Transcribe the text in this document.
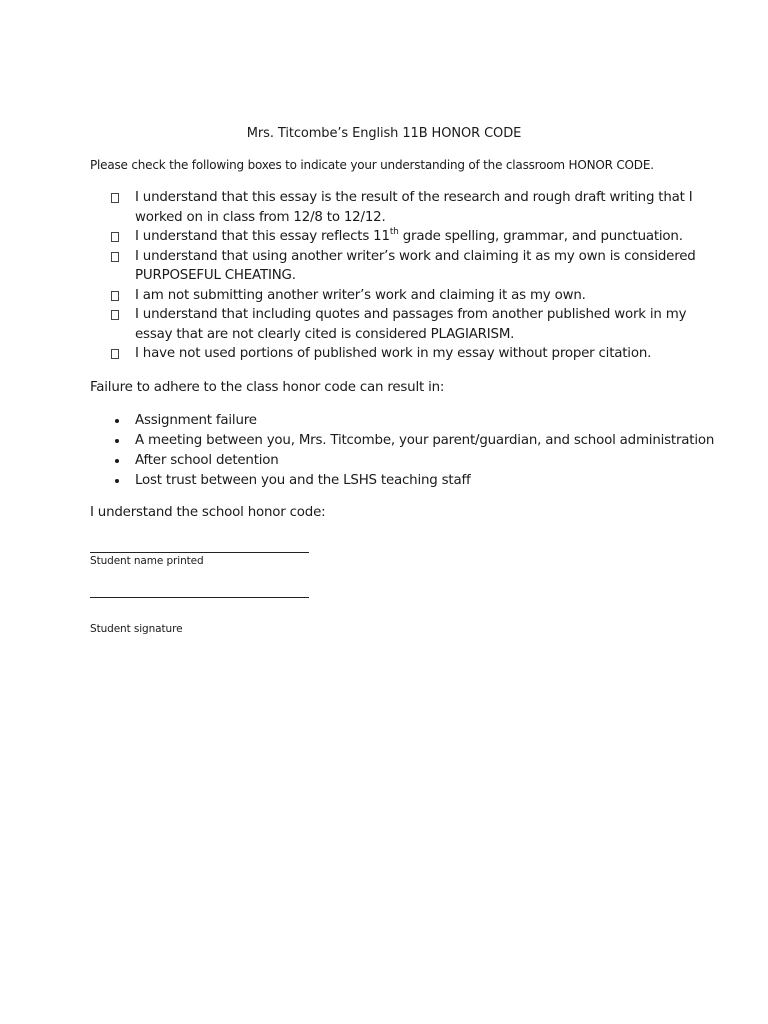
Mrs. Titcombe’s English 11B HONOR CODE
Please check the following boxes to indicate your understanding of the classroom HONOR CODE.
I understand that this essay is the result of the research and rough draft writing that I
worked on in class from 12/8 to 12/12.
I understand that this essay reflects 11th grade spelling, grammar, and punctuation.
I understand that using another writer’s work and claiming it as my own is considered
PURPOSEFUL CHEATING.
I am not submitting another writer’s work and claiming it as my own.
I understand that including quotes and passages from another published work in my
essay that are not clearly cited is considered PLAGIARISM.
I have not used portions of published work in my essay without proper citation.
Failure to adhere to the class honor code can result in:
Assignment failure
A meeting between you, Mrs. Titcombe, your parent/guardian, and school administration
After school detention
Lost trust between you and the LSHS teaching staff
I understand the school honor code:
Student name printed
Student signature
